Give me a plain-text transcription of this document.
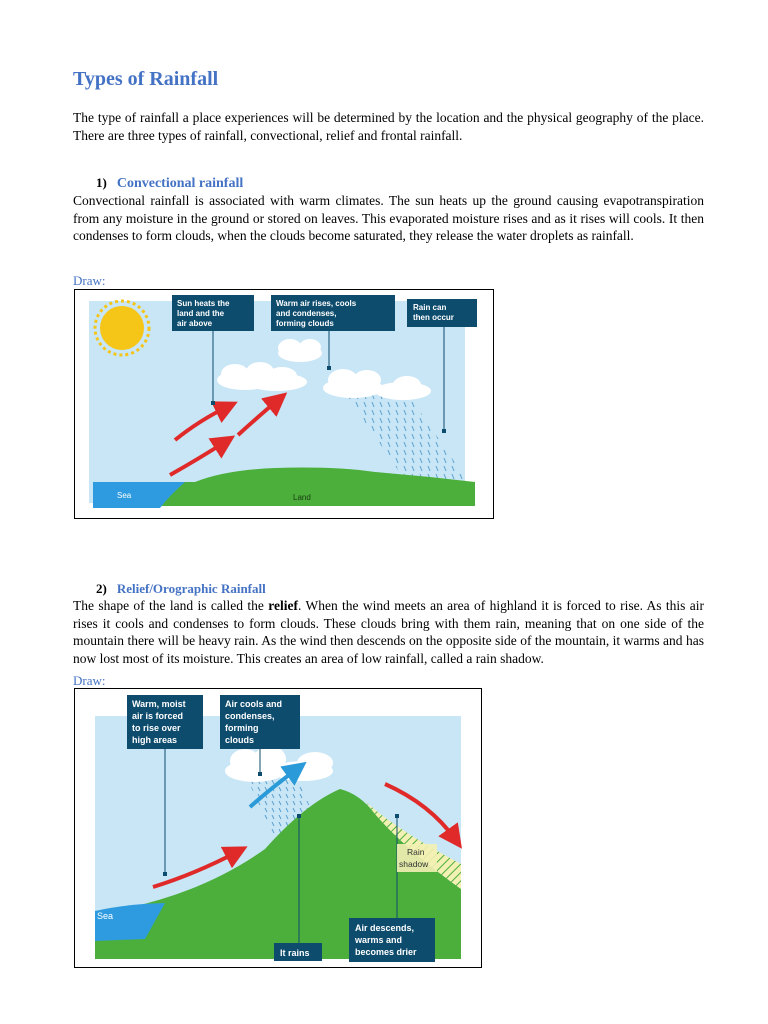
Types of Rainfall
The type of rainfall a place experiences will be determined by the location and the physical geography of the place. There are three types of rainfall, convectional, relief and frontal rainfall.
1) Convectional rainfall
Convectional rainfall is associated with warm climates. The sun heats up the ground causing evapotranspiration from any moisture in the ground or stored on leaves. This evaporated moisture rises and as it rises will cools. It then condenses to form clouds, when the clouds become saturated, they release the water droplets as rainfall.
Draw:
Sea	Land
Sun heats the
land and the
air above
Warm air rises, cools
and condenses,
forming clouds
Rain can
then occur
2) Relief/Orographic Rainfall
The shape of the land is called the relief. When the wind meets an area of highland it is forced to rise. As this air rises it cools and condenses to form clouds. These clouds bring with them rain, meaning that on one side of the mountain there will be heavy rain. As the wind then descends on the opposite side of the mountain, it warms and has now lost most of its moisture. This creates an area of low rainfall, called a rain shadow.
Draw:
Sea
Warm, moist
air is forced
to rise over
high areas
Air cools and
condenses,
forming
clouds
It rains
Air descends,
warms and
becomes drier
Rain
shadow
